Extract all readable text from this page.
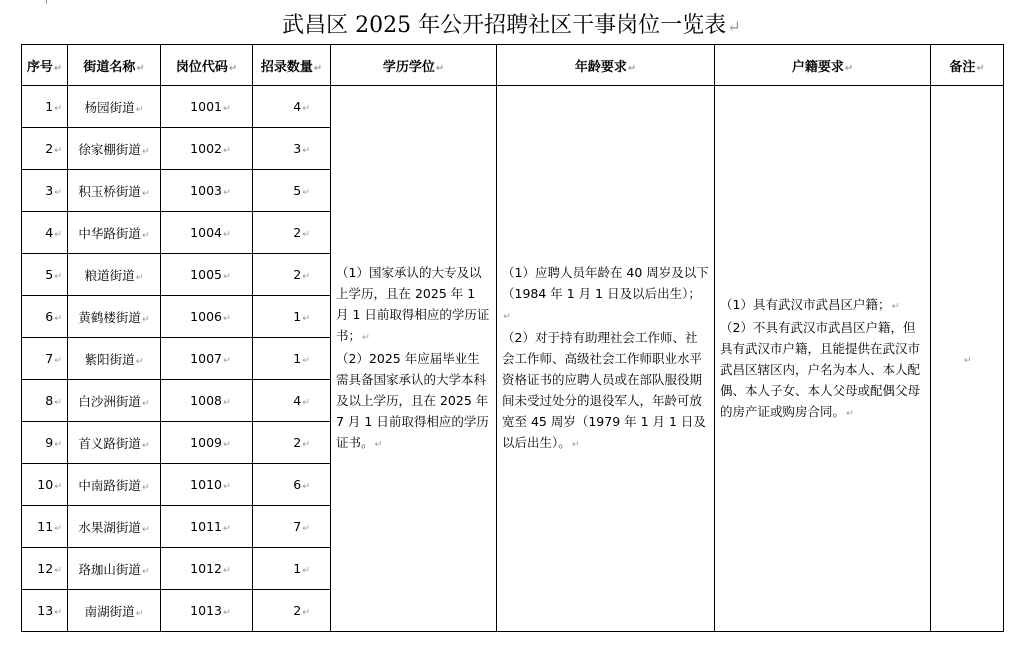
武昌区 2025 年公开招聘社区干事岗位一览表↵
序号↵	街道名称↵	岗位代码↵	招录数量↵	学历学位↵	年龄要求↵	户籍要求↵	备注↵
1↵	杨园街道↵	1001↵	4↵	（1）国家承认的大专及以上学历，且在 2025 年 1 月 1 日前取得相应的学历证书；↵
（2）2025 年应届毕业生需具备国家承认的大学本科及以上学历，且在 2025 年 7 月 1 日前取得相应的学历证书。↵	（1）应聘人员年龄在 40 周岁及以下（1984 年 1 月 1 日及以后出生）；↵
（2）对于持有助理社会工作师、社会工作师、高级社会工作师职业水平资格证书的应聘人员或在部队服役期间未受过处分的退役军人，年龄可放宽至 45 周岁（1979 年 1 月 1 日及以后出生）。↵	（1）具有武汉市武昌区户籍；↵
（2）不具有武汉市武昌区户籍，但具有武汉市户籍，且能提供在武汉市武昌区辖区内，户名为本人、本人配偶、本人子女、本人父母或配偶父母的房产证或购房合同。↵	↵
2↵	徐家棚街道↵	1002↵	3↵				
3↵	积玉桥街道↵	1003↵	5↵				
4↵	中华路街道↵	1004↵	2↵				
5↵	粮道街道↵	1005↵	2↵				
6↵	黄鹤楼街道↵	1006↵	1↵				
7↵	紫阳街道↵	1007↵	1↵				
8↵	白沙洲街道↵	1008↵	4↵				
9↵	首义路街道↵	1009↵	2↵				
10↵	中南路街道↵	1010↵	6↵				
11↵	水果湖街道↵	1011↵	7↵				
12↵	珞珈山街道↵	1012↵	1↵				
13↵	南湖街道↵	1013↵	2↵				
